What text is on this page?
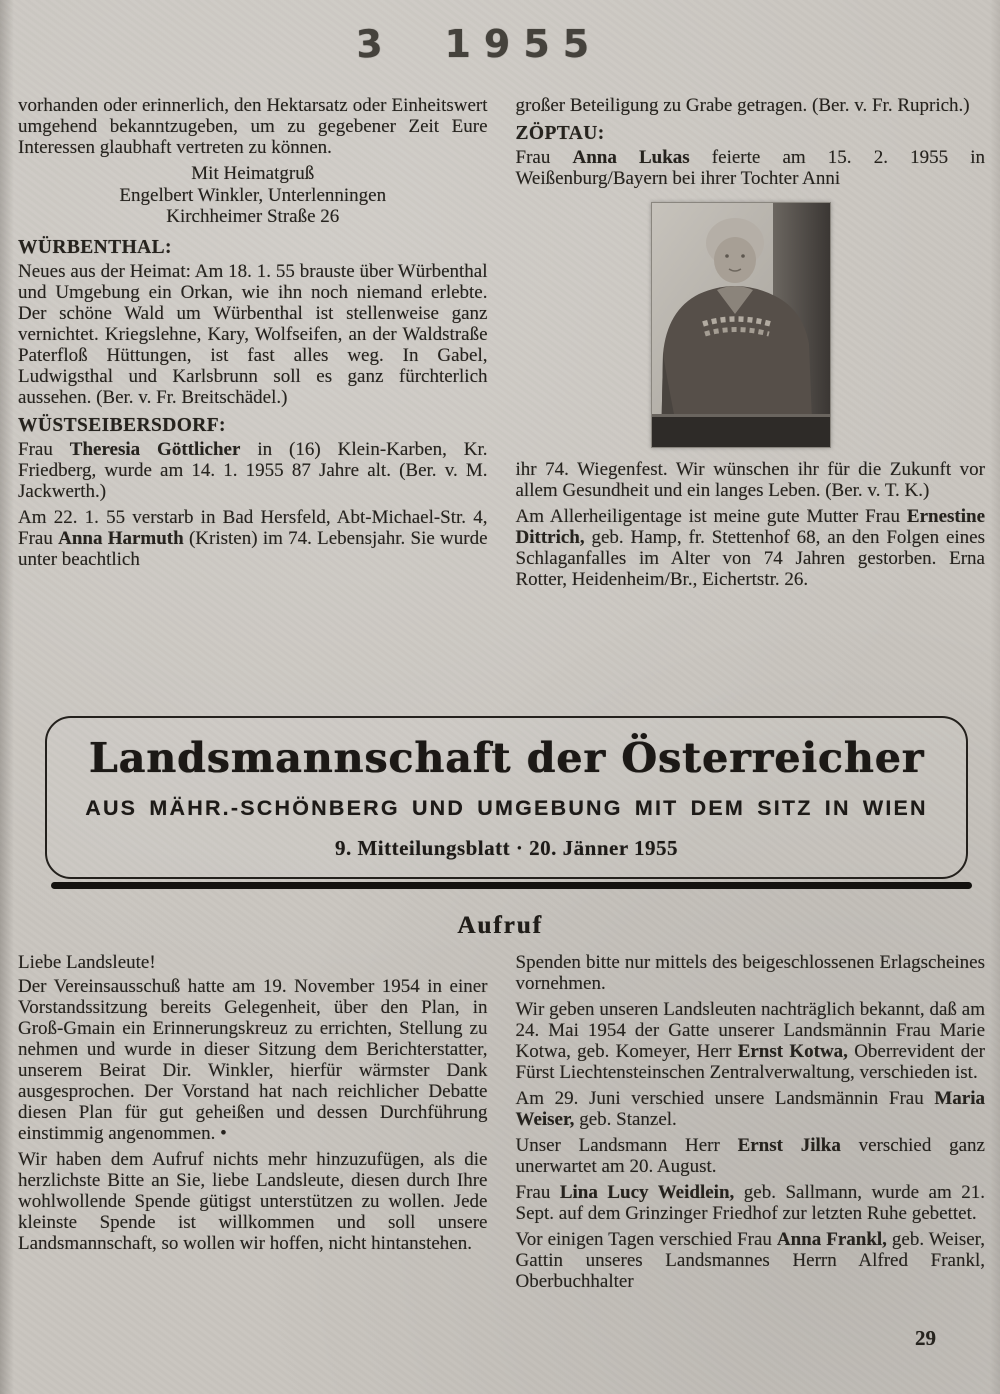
3 1955

vorhanden oder erinnerlich, den Hektarsatz oder Einheitswert umgehend bekanntzugeben, um zu gegebener Zeit Eure Interessen glaubhaft vertreten zu können.

Mit Heimatgruß
Engelbert Winkler, Unterlenningen
Kirchheimer Straße 26
WÜRBENTHAL:

Neues aus der Heimat: Am 18. 1. 55 brauste über Würbenthal und Umgebung ein Orkan, wie ihn noch niemand erlebte. Der schöne Wald um Würbenthal ist stellenweise ganz vernichtet. Kriegslehne, Kary, Wolfseifen, an der Waldstraße Paterfloß Hüttungen, ist fast alles weg. In Gabel, Ludwigsthal und Karlsbrunn soll es ganz fürchterlich aussehen. (Ber. v. Fr. Breitschädel.)

WÜSTSEIBERSDORF:

Frau Theresia Göttlicher in (16) Klein-Karben, Kr. Friedberg, wurde am 14. 1. 1955 87 Jahre alt. (Ber. v. M. Jackwerth.)

Am 22. 1. 55 verstarb in Bad Hersfeld, Abt-Michael-Str. 4, Frau Anna Harmuth (Kristen) im 74. Lebensjahr. Sie wurde unter beachtlich

großer Beteiligung zu Grabe getragen. (Ber. v. Fr. Ruprich.)

ZÖPTAU:

Frau Anna Lukas feierte am 15. 2. 1955 in Weißenburg/Bayern bei ihrer Tochter Anni

ihr 74. Wiegenfest. Wir wünschen ihr für die Zukunft vor allem Gesundheit und ein langes Leben. (Ber. v. T. K.)

Am Allerheiligentage ist meine gute Mutter Frau Ernestine Dittrich, geb. Hamp, fr. Stettenhof 68, an den Folgen eines Schlaganfalles im Alter von 74 Jahren gestorben. Erna Rotter, Heidenheim/Br., Eichertstr. 26.

Landsmannschaft der Österreicher
AUS MÄHR.-SCHÖNBERG UND UMGEBUNG MIT DEM SITZ IN WIEN
9. Mitteilungsblatt · 20. Jänner 1955
Aufruf

Liebe Landsleute!

Der Vereinsausschuß hatte am 19. November 1954 in einer Vorstandssitzung bereits Gelegenheit, über den Plan, in Groß-Gmain ein Erinnerungskreuz zu errichten, Stellung zu nehmen und wurde in dieser Sitzung dem Berichterstatter, unserem Beirat Dir. Winkler, hierfür wärmster Dank ausgesprochen. Der Vorstand hat nach reichlicher Debatte diesen Plan für gut geheißen und dessen Durchführung einstimmig angenommen. •

Wir haben dem Aufruf nichts mehr hinzuzufügen, als die herzlichste Bitte an Sie, liebe Landsleute, diesen durch Ihre wohlwollende Spende gütigst unterstützen zu wollen. Jede kleinste Spende ist willkommen und soll unsere Landsmannschaft, so wollen wir hoffen, nicht hintanstehen.

Spenden bitte nur mittels des beigeschlossenen Erlagscheines vornehmen.

Wir geben unseren Landsleuten nachträglich bekannt, daß am 24. Mai 1954 der Gatte unserer Landsmännin Frau Marie Kotwa, geb. Komeyer, Herr Ernst Kotwa, Oberrevident der Fürst Liechtensteinschen Zentralverwaltung, verschieden ist.

Am 29. Juni verschied unsere Landsmännin Frau Maria Weiser, geb. Stanzel.

Unser Landsmann Herr Ernst Jilka verschied ganz unerwartet am 20. August.

Frau Lina Lucy Weidlein, geb. Sallmann, wurde am 21. Sept. auf dem Grinzinger Friedhof zur letzten Ruhe gebettet.

Vor einigen Tagen verschied Frau Anna Frankl, geb. Weiser, Gattin unseres Landsmannes Herrn Alfred Frankl, Oberbuchhalter

29
